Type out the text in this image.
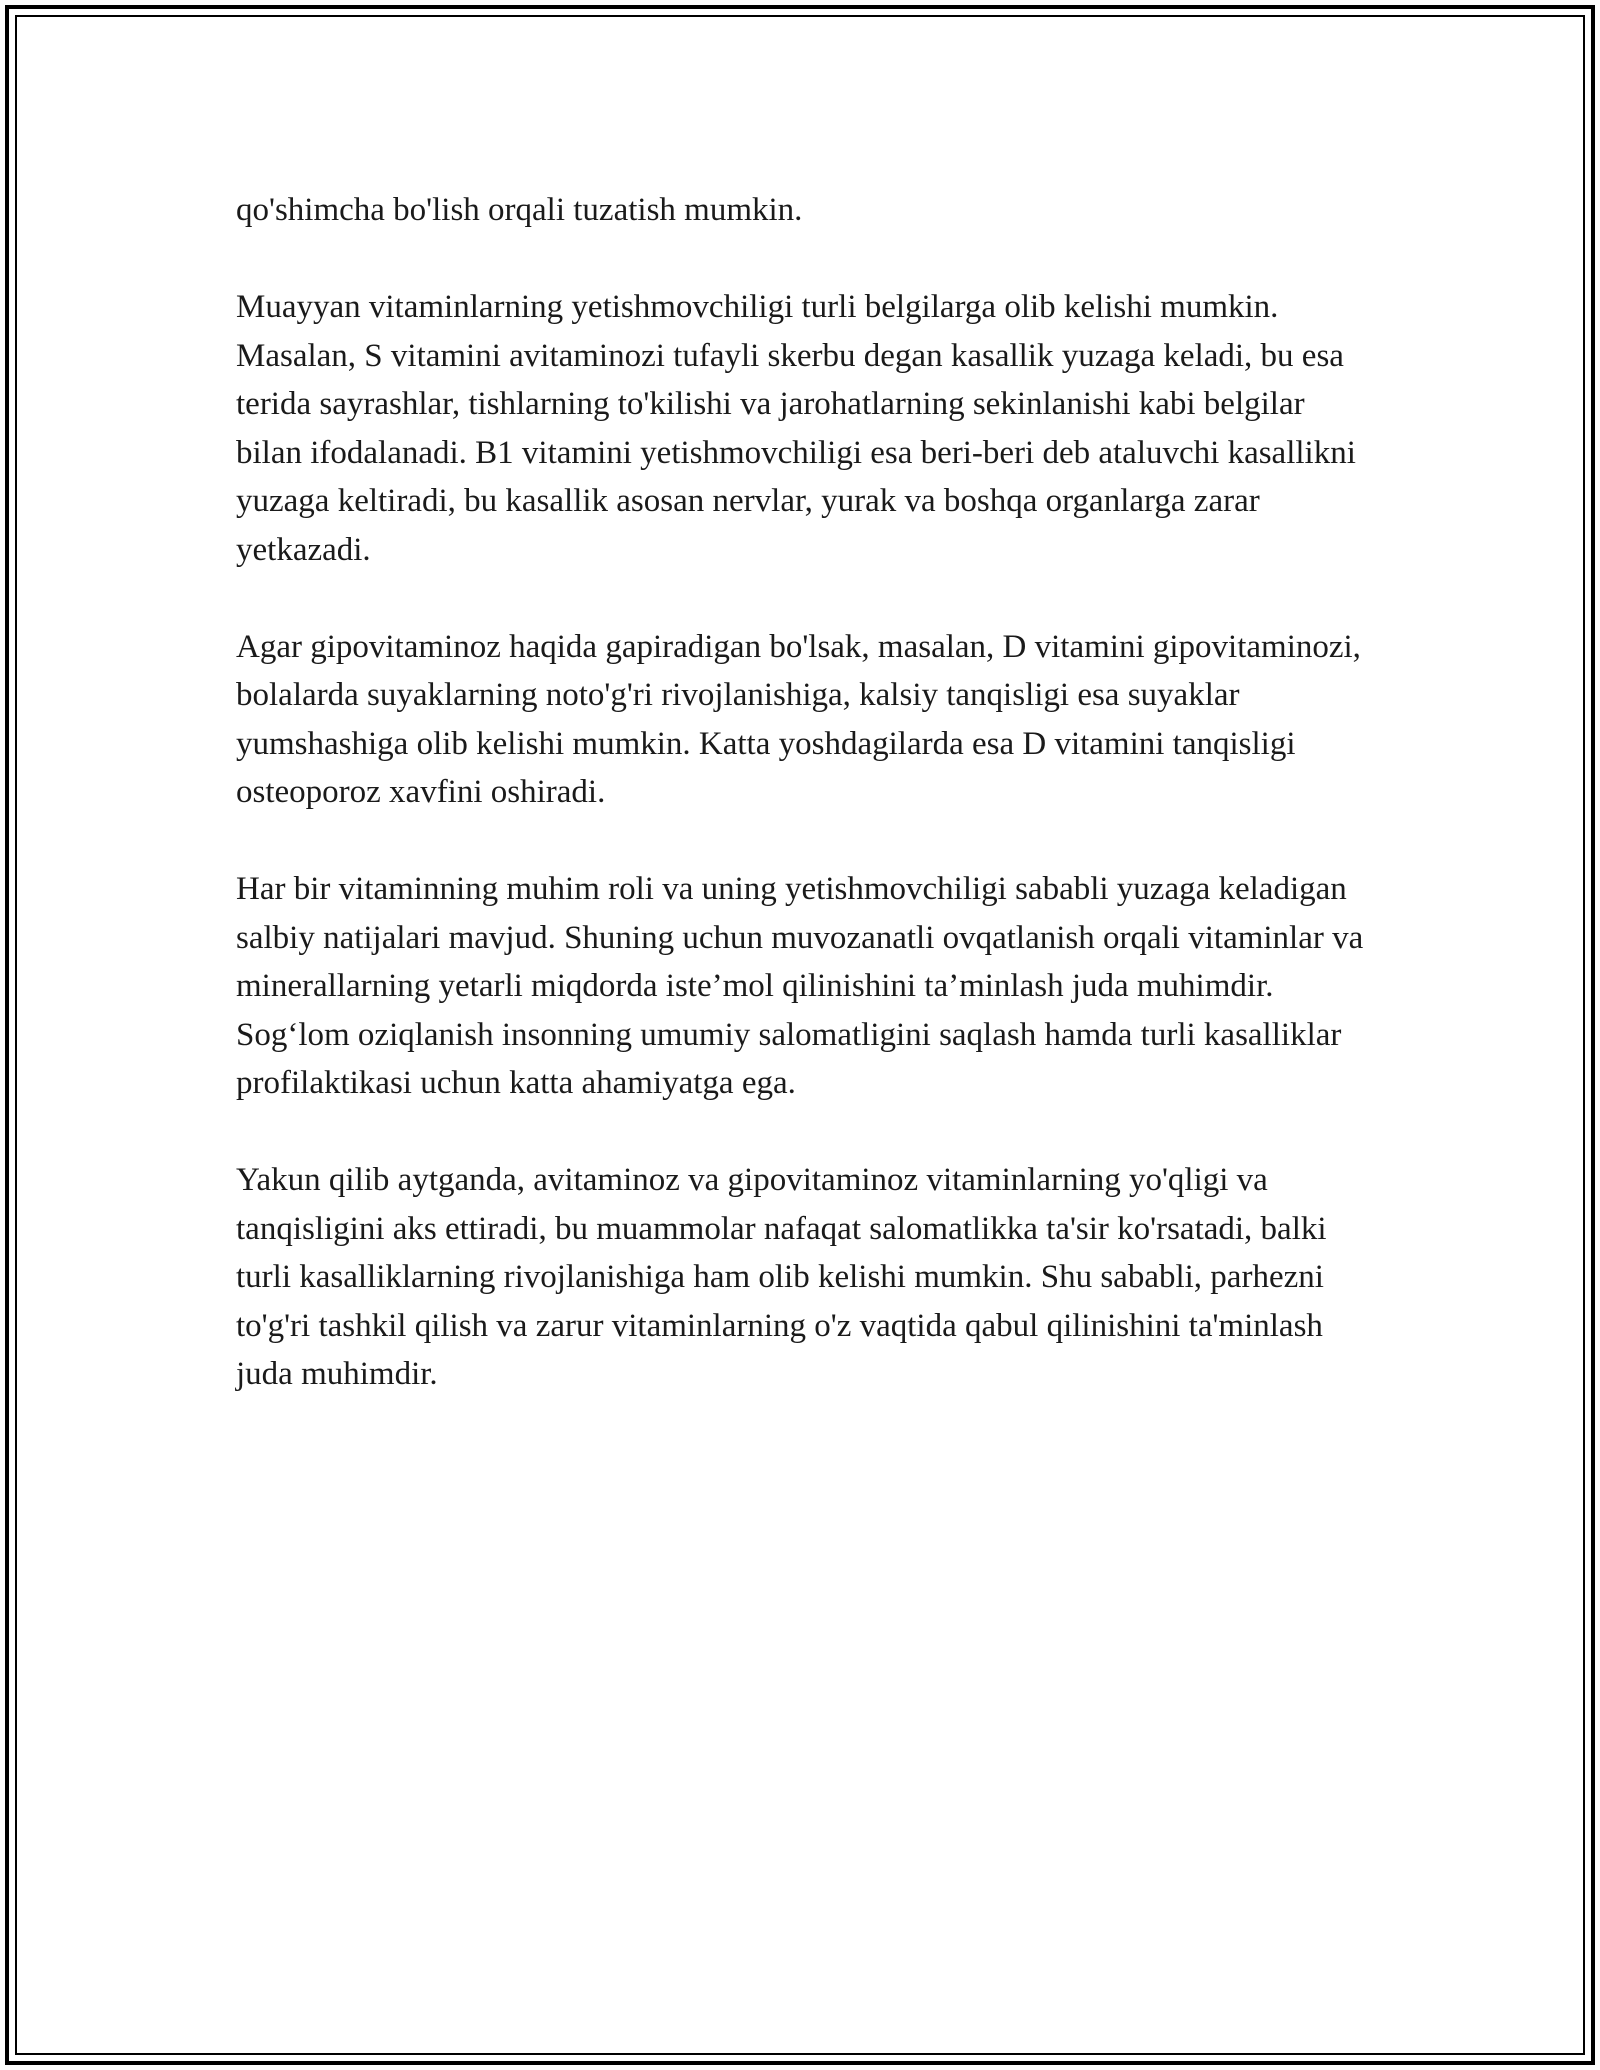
qo'shimcha bo'lish orqali tuzatish mumkin.

Muayyan vitaminlarning yetishmovchiligi turli belgilarga olib kelishi mumkin. Masalan, S vitamini avitaminozi tufayli skerbu degan kasallik yuzaga keladi, bu esa terida sayrashlar, tishlarning to'kilishi va jarohatlarning sekinlanishi kabi belgilar bilan ifodalanadi. B1 vitamini yetishmovchiligi esa beri-beri deb ataluvchi kasallikni yuzaga keltiradi, bu kasallik asosan nervlar, yurak va boshqa organlarga zarar yetkazadi.

Agar gipovitaminoz haqida gapiradigan bo'lsak, masalan, D vitamini gipovitaminozi, bolalarda suyaklarning noto'g'ri rivojlanishiga, kalsiy tanqisligi esa suyaklar yumshashiga olib kelishi mumkin. Katta yoshdagilarda esa D vitamini tanqisligi osteoporoz xavfini oshiradi.

Har bir vitaminning muhim roli va uning yetishmovchiligi sababli yuzaga keladigan salbiy natijalari mavjud. Shuning uchun muvozanatli ovqatlanish orqali vitaminlar va minerallarning yetarli miqdorda iste’mol qilinishini ta’minlash juda muhimdir. Sog‘lom oziqlanish insonning umumiy salomatligini saqlash hamda turli kasalliklar profilaktikasi uchun katta ahamiyatga ega.

Yakun qilib aytganda, avitaminoz va gipovitaminoz vitaminlarning yo'qligi va tanqisligini aks ettiradi, bu muammolar nafaqat salomatlikka ta'sir ko'rsatadi, balki turli kasalliklarning rivojlanishiga ham olib kelishi mumkin. Shu sababli, parhezni to'g'ri tashkil qilish va zarur vitaminlarning o'z vaqtida qabul qilinishini ta'minlash juda muhimdir.
